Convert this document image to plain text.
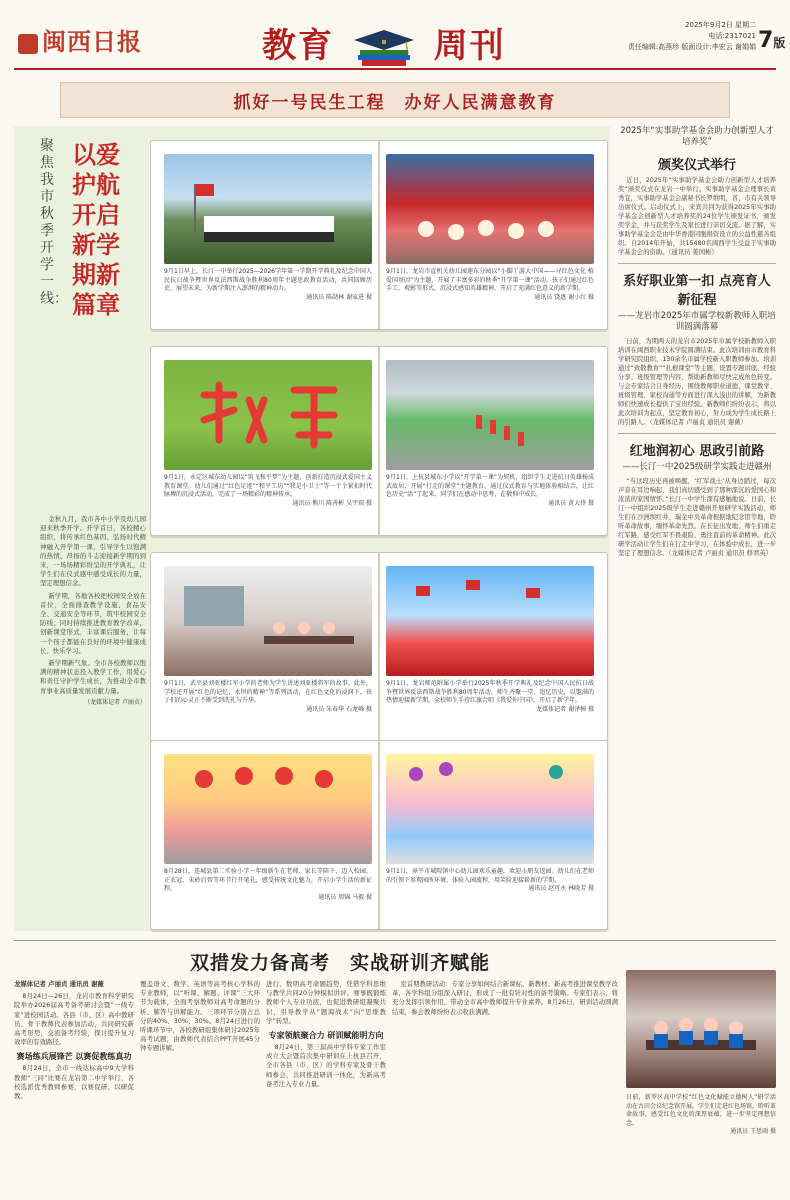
闽西日报	教育	周刊
2025年9月2日 星期二
电话:2317021
责任编辑:高燕珍 版面设计:李宏云 谢娟娟 7版
抓好一号民生工程　办好人民满意教育
聚焦我市秋季开学一线：
以爱护航 开启新学期新篇章

金秋九月，我市各中小学及幼儿园迎来秋季开学。开学首日，各校精心组织，将传承红色基因、弘扬时代精神融入开学第一课，引导学生以饱满的热情、昂扬的斗志迎接新学期的到来，一场场精彩纷呈的开学典礼，让学生们在仪式感中感受成长的力量，坚定理想信念。

新学期，各地各校把校园安全放在首位，全面排查教学设施、食品安全、交通安全等环节，筑牢校园安全防线；同时持续推进教育教学改革，创新课堂形式，丰富课后服务，让每一个孩子都能在良好的环境中健康成长、快乐学习。

新学期新气象。全市各校教师以饱满的精神状态投入教学工作，用爱心和责任守护学生成长，为推动全市教育事业高质量发展贡献力量。

（龙媒体记者 卢丽贞）

9月1日早上，长汀一中举行2025—2026学年第一学期开学典礼及纪念中国人民抗日战争暨世界反法西斯战争胜利80周年主题思政教育活动，共同回顾历史、展望未来，为新学期注入澎湃的精神动力。
通讯员 陈勋林 谢家进 摄
9月1日，龙岩市直机关幼儿园莲东分园以“小脚丫游大中国——寻红色文化·植爱国基因”为主题，开展了丰富多彩的秋季“开学第一课”活动。孩子们通过红色手工、观影等形式，沉浸式感知英雄精神，开启了充满红色意义的新学期。
通讯员 饶惠 谢小红 摄
9月1日，永定区城东幼儿园以“筑飞和平梦”为主题，创新打造沉浸式爱国主义教育课堂。幼儿们通过“红色足迹”“和平工坊”“我是小卫士”等一个个紧扣时代脉搏的沉浸式活动，完成了一场精彩的精神传承。
通讯员 熊川 陈善彬 吴宇琼 摄
9月1日，上杭县城东小学以“开学第一课”为契机，组织学生走进抗日英雄杨成武故居，开展“行走的课堂”主题教育，通过仪式教育与实地体验相结合，让红色历史“活”了起来，同学们在感动中思考，在敬仰中成长。
通讯员 黄大佟 摄
9月1日，武平县刘亚楼红军小学的老师为学生讲述刘亚楼将军的故事。此外，学校还开展“红色的记忆，永恒的精神”等系列活动，在红色文化的浸润下，孩子们的心灵正不断受到洗礼与升华。
通讯员 朱春华 石龙峰 摄
9月1日，龙岩师范附属小学举行2025年秋季开学典礼及纪念中国人民抗日战争暨世界反法西斯战争胜利80周年活动，师生齐聚一堂、追忆历史，以饱满的热情迎接新学期，全校师生手持红旗合唱《我爱你中国》，开启了新学年。
龙媒体记者 谢泽樟 摄
8月28日，连城县第二实验小学一年级新生在老师、家长等陪下，迈入校园，正衣冠、朱砂启智等环节行开笔礼，感受传统文化魅力，开启小学生活的新征程。
通讯员 周锦 马毅 摄
9月1日，漳平市城隍镇中心幼儿园欢乐童趣，欢迎小朋友返园。幼儿们在老师的引领下参观园所环境、体验入园流程，用笑脸迎接崭新的学期。
通讯员 赵可永 林晓芳 摄
2025年“实事助学基金会助力创新型人才培养奖”
颁奖仪式举行
近日，2025年“实事助学基金会助力创新型人才培养奖”颁奖仪式在龙岩一中举行。实事助学基金会理事长黄秀宜，实事助学基金会副秘书长罗维明，省、市有关领导出席仪式。启动仪式上，来宾共同为获得2025年实事助学基金会创新型人才培养奖的24位学生颁发证书，颁发奖学金，并与获奖学生及家长进行亲切交流。据了解，实事助学基金会是由中华香港同胞捐资设立的公益性慈善组织。自2014年开始，共15480名闽西学生受益于实事助学基金会的资助。（通讯员 姜国彬）
系好职业第一扣 点亮育人新征程
——龙岩市2025年市属学校新教师入职培训圆满落幕
日前，为期两天的龙岩市2025年市属学校新教师入职培训在闽西职业技术学院圆满结束。此次培训由市教育科学研究院组织，130余名市属学校新入职教师参加。培训通过“致敬教育”“扎根课堂”等主题，设置专题讲座、经验分享、班级管理等内容，帮助新教师尽快完成角色转变。与会专家结合自身经历，围绕教师职业道德、课堂教学、班级管理、家校沟通等方面进行深入浅出的讲解，为新教师们快速成长提供了宝贵经验。新教师们纷纷表示，将以此次培训为起点，坚定教育初心，努力成为学生成长路上的引路人。（龙媒体记者 卢丽贞 通讯员 谢薇）
红地润初心 思政引前路
——长汀一中2025级研学实践走进赣州
“当这段历史再被唤醒，‘红军战士’从身边踏过，每次声音在耳边响起，我们真切感受到了那种深沉的爱国心和浓浓的家国情怀。”长汀一中学生深有感触地说。日前，长汀一中组织2025级学生走进赣州开展研学实践活动，师生们在沙洲坝红井、瑞金中央革命根据地纪念馆等地，聆听革命故事，缅怀革命先烈。在长征出发地，师生们重走红军路，感受红军不畏艰险、勇往直前的革命精神。此次研学活动让学生们在行走中学习，在体验中成长，进一步坚定了理想信念。（龙媒体记者 卢丽贞 通讯员 修君英）
双措发力备高考　实战研训齐赋能

龙媒体记者 卢丽贞 通讯员 谢薇

8月24日—26日，龙岩市教育科学研究院举办2026届高考备考研讨会暨“一线专家”进校园活动。各县（市、区）高中教研员、骨干教师代表参加活动，共同研究新高考形势，交流备考经验，探讨提升复习效率的有效路径。

赛场练兵展锋芒 以赛促教练真功

8月24日，全市一线达标高中9大学科教师“三同”比赛在龙岩第二中学举行，各校选派优秀教师参赛，以赛促研、以研促教。

覆盖语文、数学、英语等高考核心学科的专业教师，以“听课、解题、评课”三大环节为载体，全面考察教师对高考命题的分析、解答与讲解能力。三项环节分别占总分的40%、30%、30%。8月24日进行的听课环节中，各校教研组集体研讨2025年高考试题，由教师代表结合PPT开展45分钟专题讲解。

进行、数明高考命题趋势，凭借学科思维与教学共同20分钟模拟讲评。赛事既锻炼教师个人专业功底，也促进教研组凝聚共识，引导教学从“题海战术”向“思维教学”转型。

专家领航聚合力 研训赋能明方向

8月24日，第三届高中学科专家工作室成立大会暨首次集中研训在上杭县召开，全市各县（市、区）的学科专家及骨干教师参会，共同推进研训一体化，为新高考备考注入专业力量。

室首期教研活动：专家分享如何结合新课标、新教材、新高考推进课堂教学改革，各学科组分组深入研讨，形成了一批有针对性的备考策略。专家们表示，将充分发挥引领作用，带动全市高中教师提升专业素养。8月26日，研训活动圆满结束，参会教师纷纷表示收获满满。

日前，新罗区高中学校“红色文化赋能立德树人”研学活动在古田会议纪念馆开展，学生们走进红色场馆，聆听革命故事，感受红色文化的深厚底蕴，进一步坚定理想信念。
通讯员 王思雨 摄
